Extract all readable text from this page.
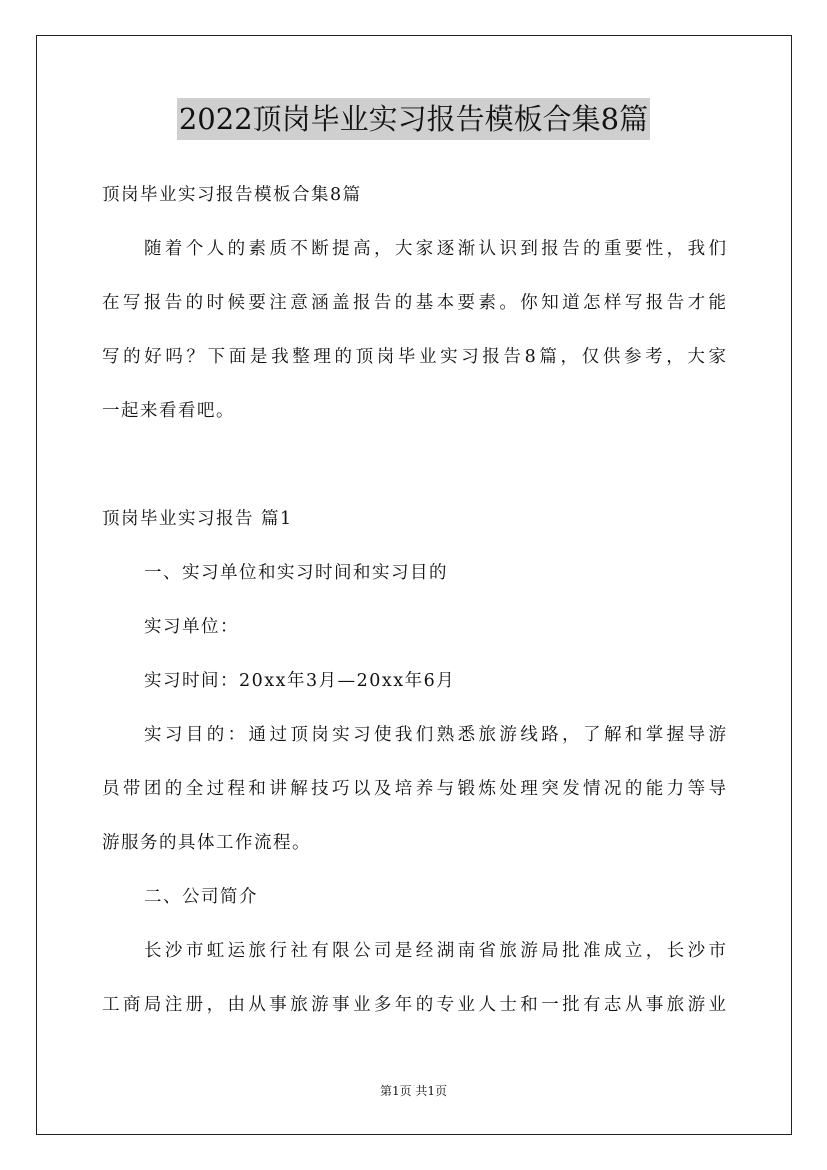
2022顶岗毕业实习报告模板合集8篇
顶岗毕业实习报告模板合集8篇
随着个人的素质不断提高，大家逐渐认识到报告的重要性，我们
在写报告的时候要注意涵盖报告的基本要素。你知道怎样写报告才能
写的好吗？下面是我整理的顶岗毕业实习报告8篇，仅供参考，大家
一起来看看吧。
顶岗毕业实习报告 篇1
一、实习单位和实习时间和实习目的
实习单位：
实习时间：20xx年3月—20xx年6月
实习目的：通过顶岗实习使我们熟悉旅游线路，了解和掌握导游
员带团的全过程和讲解技巧以及培养与锻炼处理突发情况的能力等导
游服务的具体工作流程。
二、公司简介
长沙市虹运旅行社有限公司是经湖南省旅游局批准成立，长沙市
工商局注册，由从事旅游事业多年的专业人士和一批有志从事旅游业
第1页 共1页
